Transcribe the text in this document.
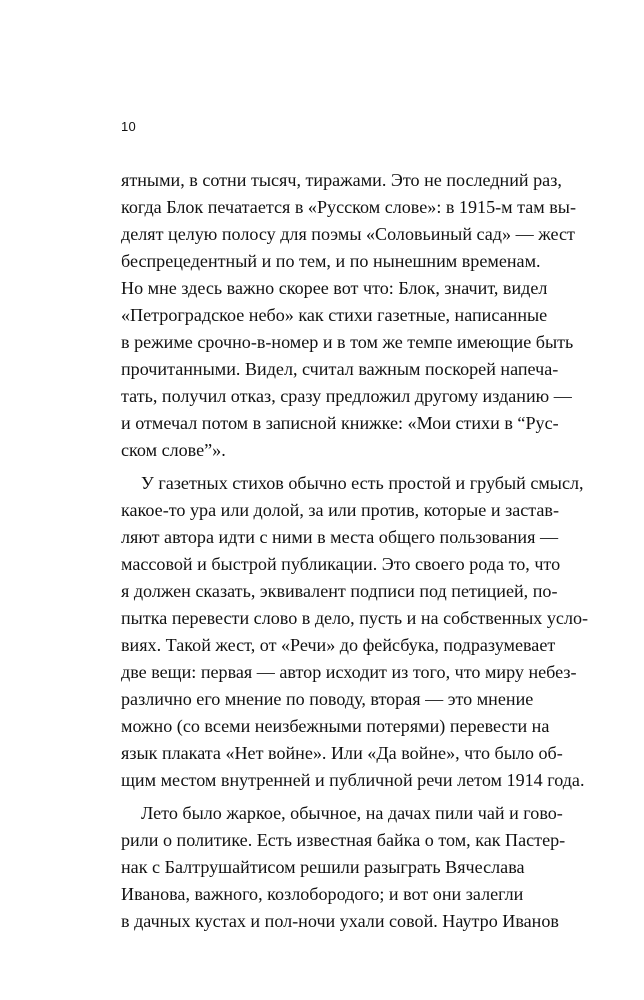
10
ятными, в сотни тысяч, тиражами. Это не последний раз,
когда Блок печатается в «Русском слове»: в 1915-м там вы-
делят целую полосу для поэмы «Соловьиный сад» — жест
беспрецедентный и по тем, и по нынешним временам.
Но мне здесь важно скорее вот что: Блок, значит, видел
«Петроградское небо» как стихи газетные, написанные
в режиме срочно-в-номер и в том же темпе имеющие быть
прочитанными. Видел, считал важным поскорей напеча-
тать, получил отказ, сразу предложил другому изданию —
и отмечал потом в записной книжке: «Мои стихи в “Рус-
ском слове”».
У газетных стихов обычно есть простой и грубый смысл,
какое-то ура или долой, за или против, которые и застав-
ляют автора идти с ними в места общего пользования —
массовой и быстрой публикации. Это своего рода то, что
я должен сказать, эквивалент подписи под петицией, по-
пытка перевести слово в дело, пусть и на собственных усло-
виях. Такой жест, от «Речи» до фейсбука, подразумевает
две вещи: первая — автор исходит из того, что миру небез-
различно его мнение по поводу, вторая — это мнение
можно (со всеми неизбежными потерями) перевести на
язык плаката «Нет войне». Или «Да войне», что было об-
щим местом внутренней и публичной речи летом 1914 года.
Лето было жаркое, обычное, на дачах пили чай и гово-
рили о политике. Есть известная байка о том, как Пастер-
нак с Балтрушайтисом решили разыграть Вячеслава
Иванова, важного, козлобородого; и вот они залегли
в дачных кустах и пол-ночи ухали совой. Наутро Иванов
